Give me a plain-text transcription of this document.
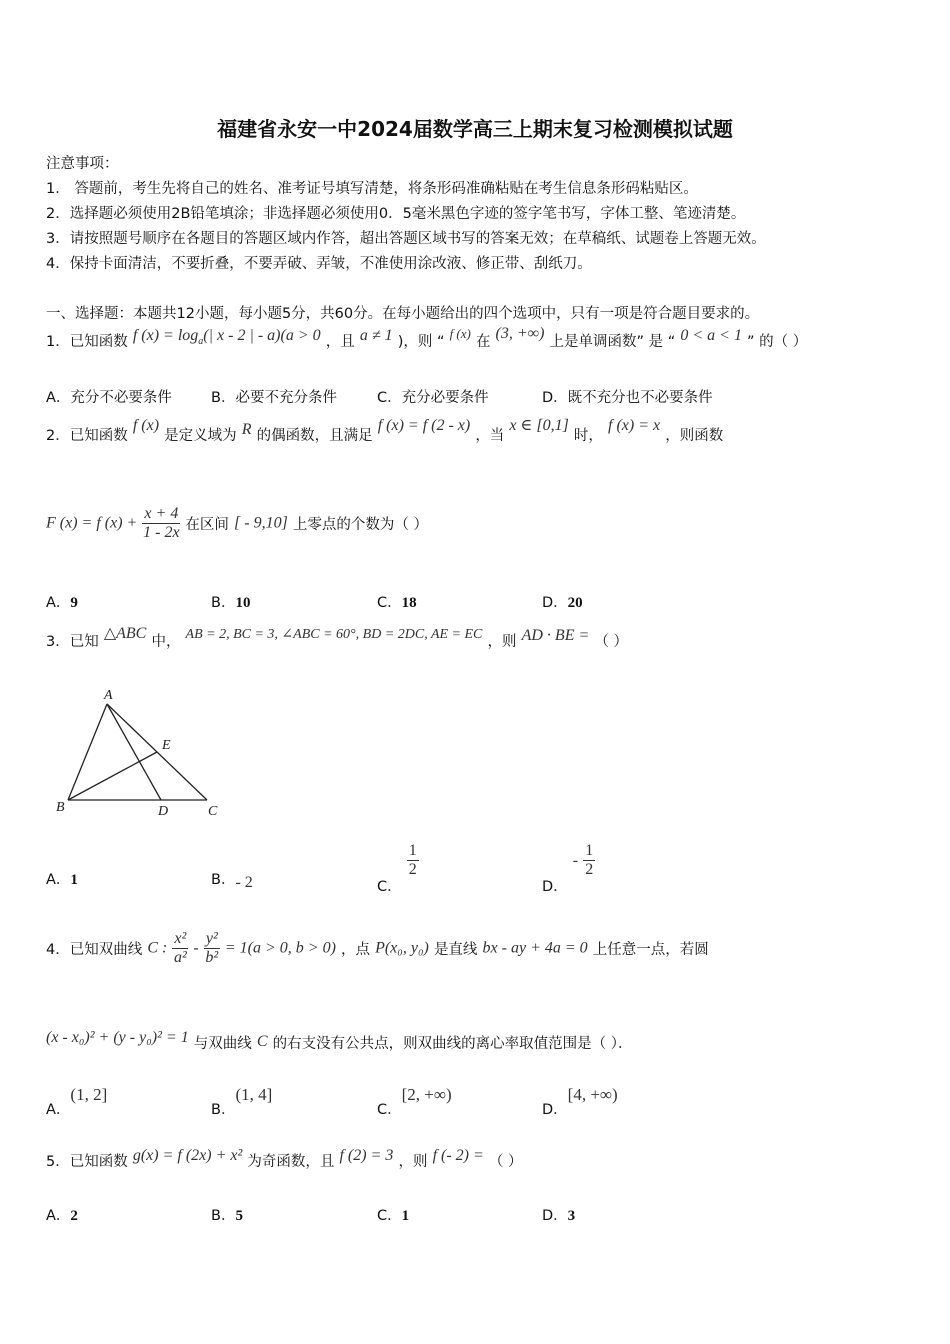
福建省永安一中2024届数学高三上期末复习检测模拟试题
注意事项：
1． 答题前，考生先将自己的姓名、准考证号填写清楚，将条形码准确粘贴在考生信息条形码粘贴区。
2．选择题必须使用2B铅笔填涂；非选择题必须使用0．5毫米黑色字迹的签字笔书写，字体工整、笔迹清楚。
3．请按照题号顺序在各题目的答题区域内作答，超出答题区域书写的答案无效；在草稿纸、试题卷上答题无效。
4．保持卡面清洁，不要折叠，不要弄破、弄皱，不准使用涂改液、修正带、刮纸刀。
一、选择题：本题共12小题，每小题5分，共60分。在每小题给出的四个选项中，只有一项是符合题目要求的。
1．已知函数 f $(x) = \log_a(|$ x - 2 | - a)(a > 0 ，且 a ≠ 1 )，则 “ $^{f (x)}$ 在 (3, +∞) 上是单调函数” 是 “ 0 < a < 1 ” 的（ ）
A．充分不必要条件	B．必要不充分条件	C．充分必要条件	D．既不充分也不必要条件
2．已知函数 f (x) 是定义域为 R 的偶函数，且满足 f (x) = f (2 - x) ，当 x ∈ [0,1] 时， f (x) = x ，则函数
F (x) = f $(x) + \frac{x + 4}{1 - 2x}$ 在区间 [ - 9,10] 上零点的个数为（ ）
A．9	B．10	C．18	D．20
3．已知 △ABC 中， AB = 2, BC = 3, ∠ABC = 60°, BD = 2DC, AE = EC ，则 AD · BE = （ ）
A
B	C
D
E
A．1	B．- 2	C．
$\frac{1}{2}$
D． - $\frac{1}{2}$
4．已知双曲线 C : $\frac{\text{x²}}{\text{a²}} - \frac{\text{y²}}{\text{b²}} = 1(a > 0$, b > 0) ，点 P(x₀, y₀) 是直线 bx - ay + 4a = 0 上任意一点，若圆
(x - x₀)² + (y - y₀)² = 1 与双曲线 C 的右支没有公共点，则双曲线的离心率取值范围是（ ）．
A．(1, 2]
B．(1, 4]
C．[2, +∞)
D．[4, +∞)
5．已知函数 g(x) = f (2x) + x² 为奇函数，且 f (2) = 3 ，则 f (- 2) = （ ）
A．2	B．5	C．1	D．3
